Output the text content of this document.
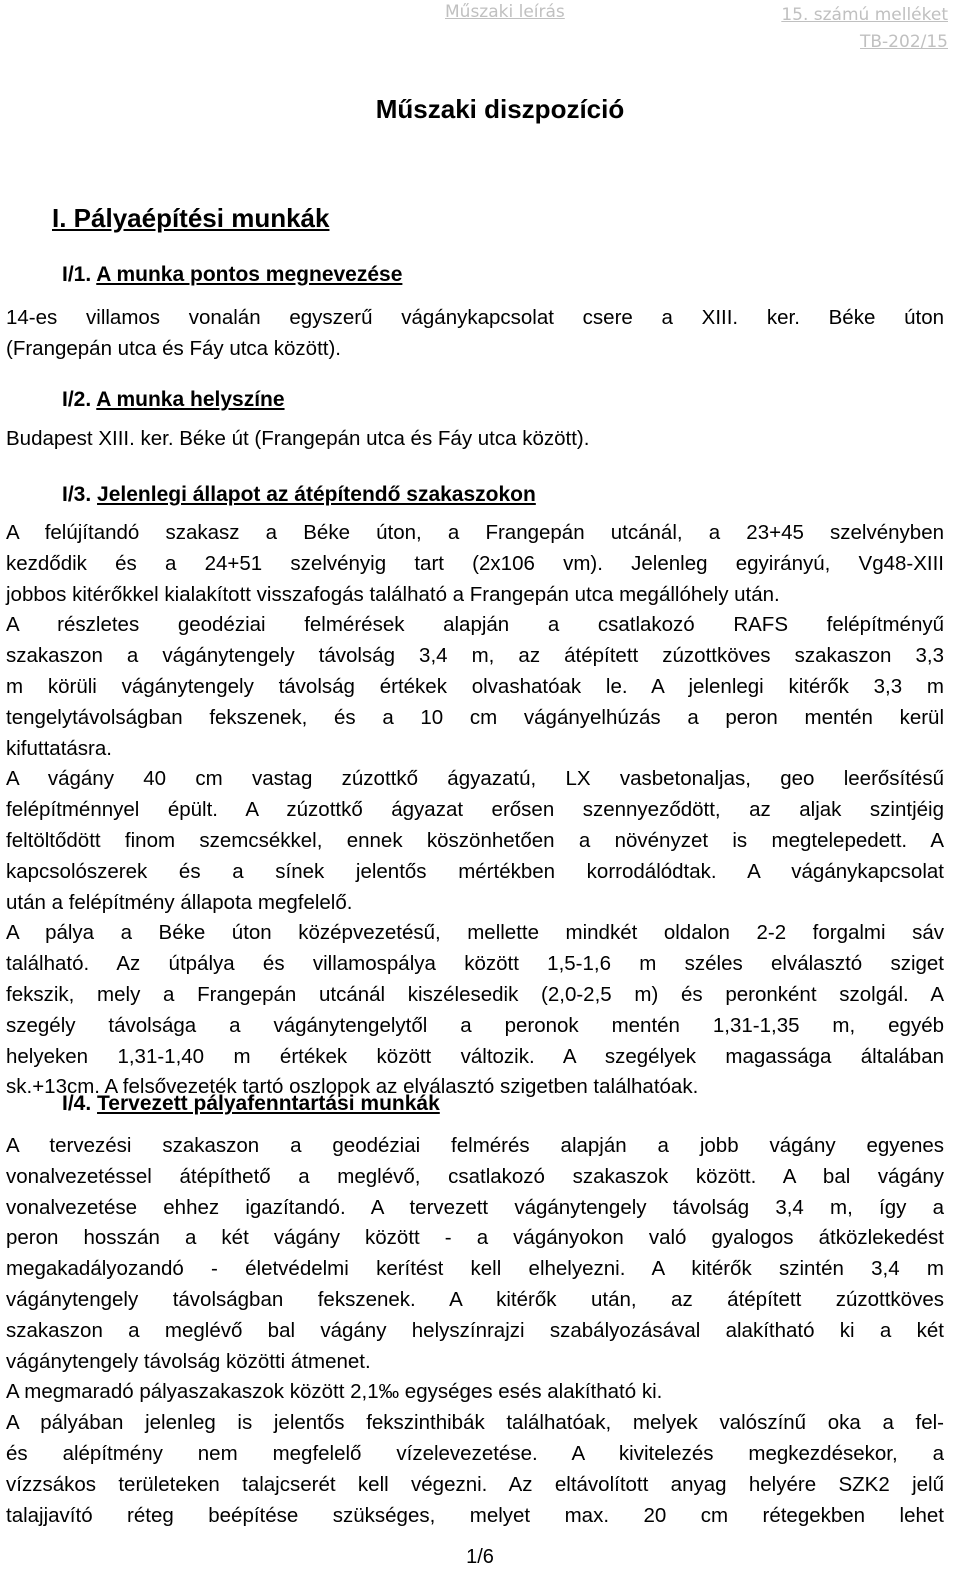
Műszaki leírás	15. számú melléket
TB-202/15
Műszaki diszpozíció
I. Pályaépítési munkák
I/1. A munka pontos megnevezése
14-es villamos vonalán egyszerű vágánykapcsolat csere a XIII. ker. Béke úton
(Frangepán utca és Fáy utca között).
I/2. A munka helyszíne
Budapest XIII. ker. Béke út (Frangepán utca és Fáy utca között).
I/3. Jelenlegi állapot az átépítendő szakaszokon
A felújítandó szakasz a Béke úton, a Frangepán utcánál, a 23+45 szelvényben
kezdődik és a 24+51 szelvényig tart (2x106 vm). Jelenleg egyirányú, Vg48-XIII
jobbos kitérőkkel kialakított visszafogás található a Frangepán utca megállóhely után.
A részletes geodéziai felmérések alapján a csatlakozó RAFS felépítményű
szakaszon a vágánytengely távolság 3,4 m, az átépített zúzottköves szakaszon 3,3
m körüli vágánytengely távolság értékek olvashatóak le. A jelenlegi kitérők 3,3 m
tengelytávolságban fekszenek, és a 10 cm vágányelhúzás a peron mentén kerül
kifuttatásra.
A vágány 40 cm vastag zúzottkő ágyazatú, LX vasbetonaljas, geo leerősítésű
felépítménnyel épült. A zúzottkő ágyazat erősen szennyeződött, az aljak szintjéig
feltöltődött finom szemcsékkel, ennek köszönhetően a növényzet is megtelepedett. A
kapcsolószerek és a sínek jelentős mértékben korrodálódtak. A vágánykapcsolat
után a felépítmény állapota megfelelő.
A pálya a Béke úton középvezetésű, mellette mindkét oldalon 2-2 forgalmi sáv
található. Az útpálya és villamospálya között 1,5-1,6 m széles elválasztó sziget
fekszik, mely a Frangepán utcánál kiszélesedik (2,0-2,5 m) és peronként szolgál. A
szegély távolsága a vágánytengelytől a peronok mentén 1,31-1,35 m, egyéb
helyeken 1,31-1,40 m értékek között változik. A szegélyek magassága általában
sk.+13cm. A felsővezeték tartó oszlopok az elválasztó szigetben találhatóak.
I/4. Tervezett pályafenntartási munkák
A tervezési szakaszon a geodéziai felmérés alapján a jobb vágány egyenes
vonalvezetéssel átépíthető a meglévő, csatlakozó szakaszok között. A bal vágány
vonalvezetése ehhez igazítandó. A tervezett vágánytengely távolság 3,4 m, így a
peron hosszán a két vágány között - a vágányokon való gyalogos átközlekedést
megakadályozandó - életvédelmi kerítést kell elhelyezni. A kitérők szintén 3,4 m
vágánytengely távolságban fekszenek. A kitérők után, az átépített zúzottköves
szakaszon a meglévő bal vágány helyszínrajzi szabályozásával alakítható ki a két
vágánytengely távolság közötti átmenet.
A megmaradó pályaszakaszok között 2,1‰ egységes esés alakítható ki.
A pályában jelenleg is jelentős fekszinthibák találhatóak, melyek valószínű oka a fel-
és alépítmény nem megfelelő vízelevezetése. A kivitelezés megkezdésekor, a
vízzsákos területeken talajcserét kell végezni. Az eltávolított anyag helyére SZK2 jelű
talajjavító réteg beépítése szükséges, melyet max. 20 cm rétegekben lehet
1/6
